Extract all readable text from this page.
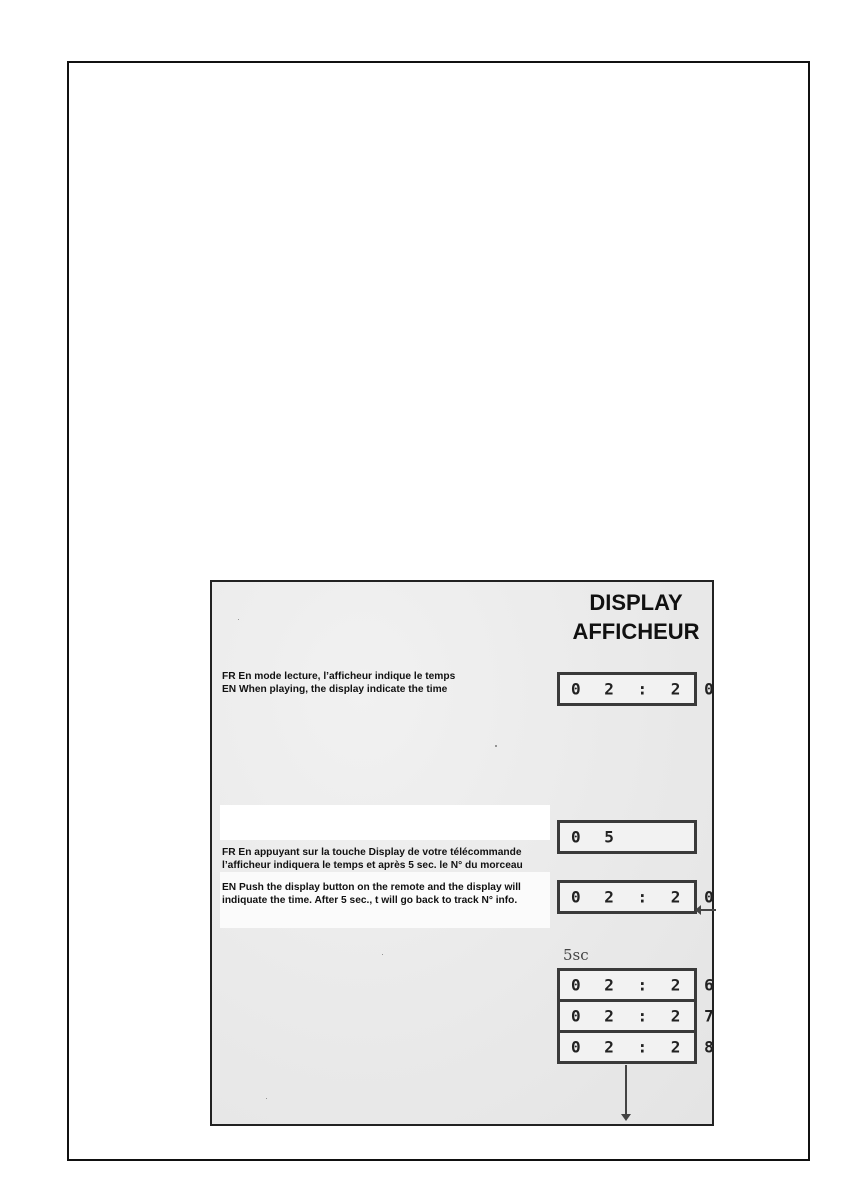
DISPLAY
AFFICHEUR
FR En mode lecture, l’afficheur indique le temps
EN When playing, the display indicate the time	0 2 : 2 0
FR En appuyant sur la touche Display de votre télécommande
l’afficheur indiquera le temps et après 5 sec. le N° du morceau
EN Push the display button on the remote and the display will
indiquate the time. After 5 sec., t will go back to track N° info.
0 5
0 2 : 2 0
5sc
0 2 : 2 6
0 2 : 2 7
0 2 : 2 8
